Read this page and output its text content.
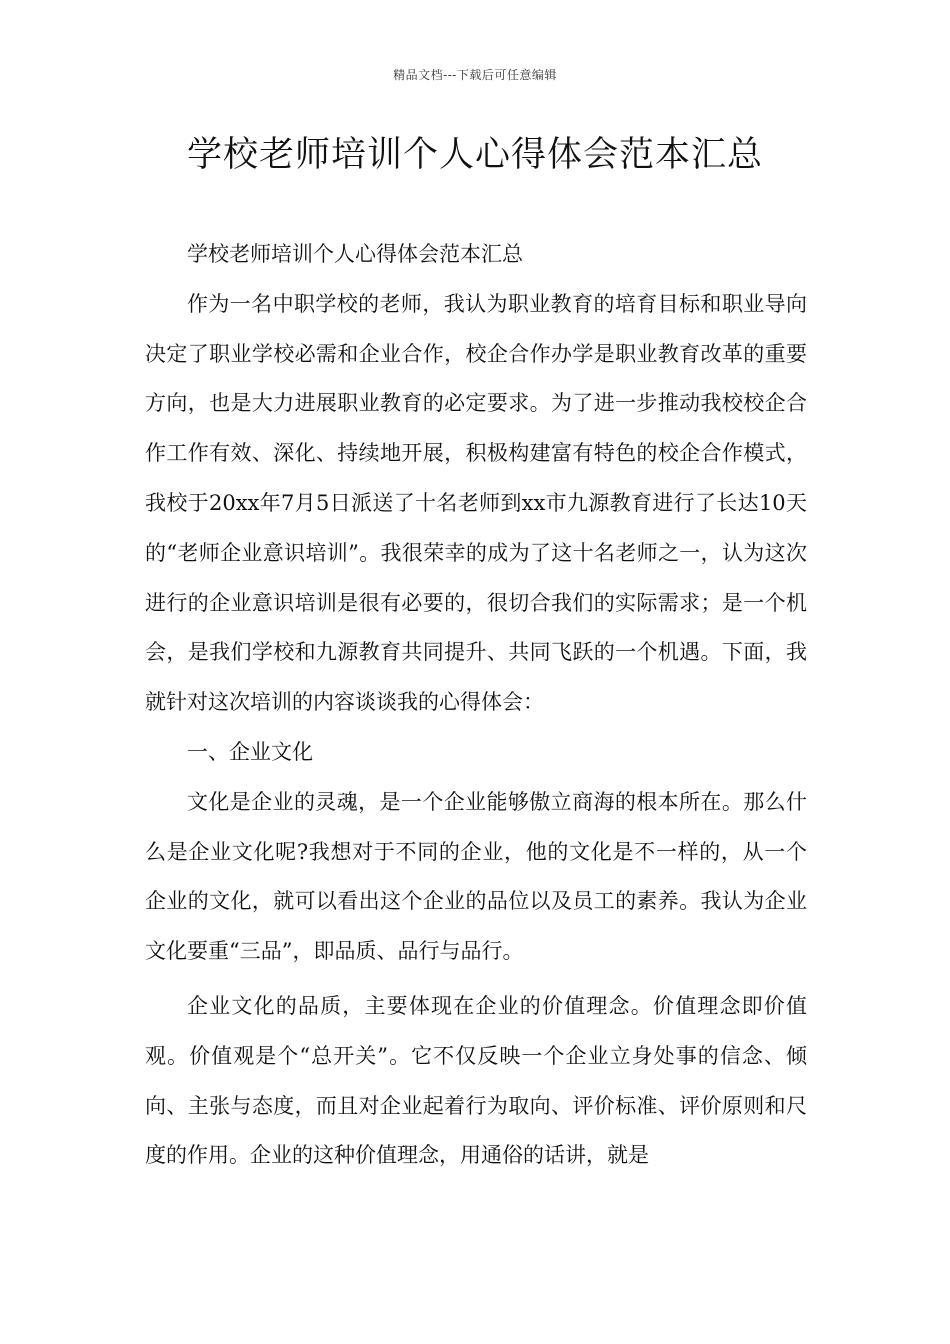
精品文档---下载后可任意编辑
学校老师培训个人心得体会范本汇总

学校老师培训个人心得体会范本汇总

作为一名中职学校的老师，我认为职业教育的培育目标和职业导向决定了职业学校必需和企业合作，校企合作办学是职业教育改革的重要方向，也是大力进展职业教育的必定要求。为了进一步推动我校校企合作工作有效、深化、持续地开展，积极构建富有特色的校企合作模式，我校于20xx年7月5日派送了十名老师到xx市九源教育进行了长达10天的“老师企业意识培训”。我很荣幸的成为了这十名老师之一，认为这次进行的企业意识培训是很有必要的，很切合我们的实际需求；是一个机会，是我们学校和九源教育共同提升、共同飞跃的一个机遇。下面，我就针对这次培训的内容谈谈我的心得体会：

一、企业文化

文化是企业的灵魂，是一个企业能够傲立商海的根本所在。那么什么是企业文化呢?我想对于不同的企业，他的文化是不一样的，从一个企业的文化，就可以看出这个企业的品位以及员工的素养。我认为企业文化要重“三品”，即品质、品行与品行。

企业文化的品质，主要体现在企业的价值理念。价值理念即价值观。价值观是个“总开关”。它不仅反映一个企业立身处事的信念、倾向、主张与态度，而且对企业起着行为取向、评价标准、评价原则和尺度的作用。企业的这种价值理念，用通俗的话讲，就是
